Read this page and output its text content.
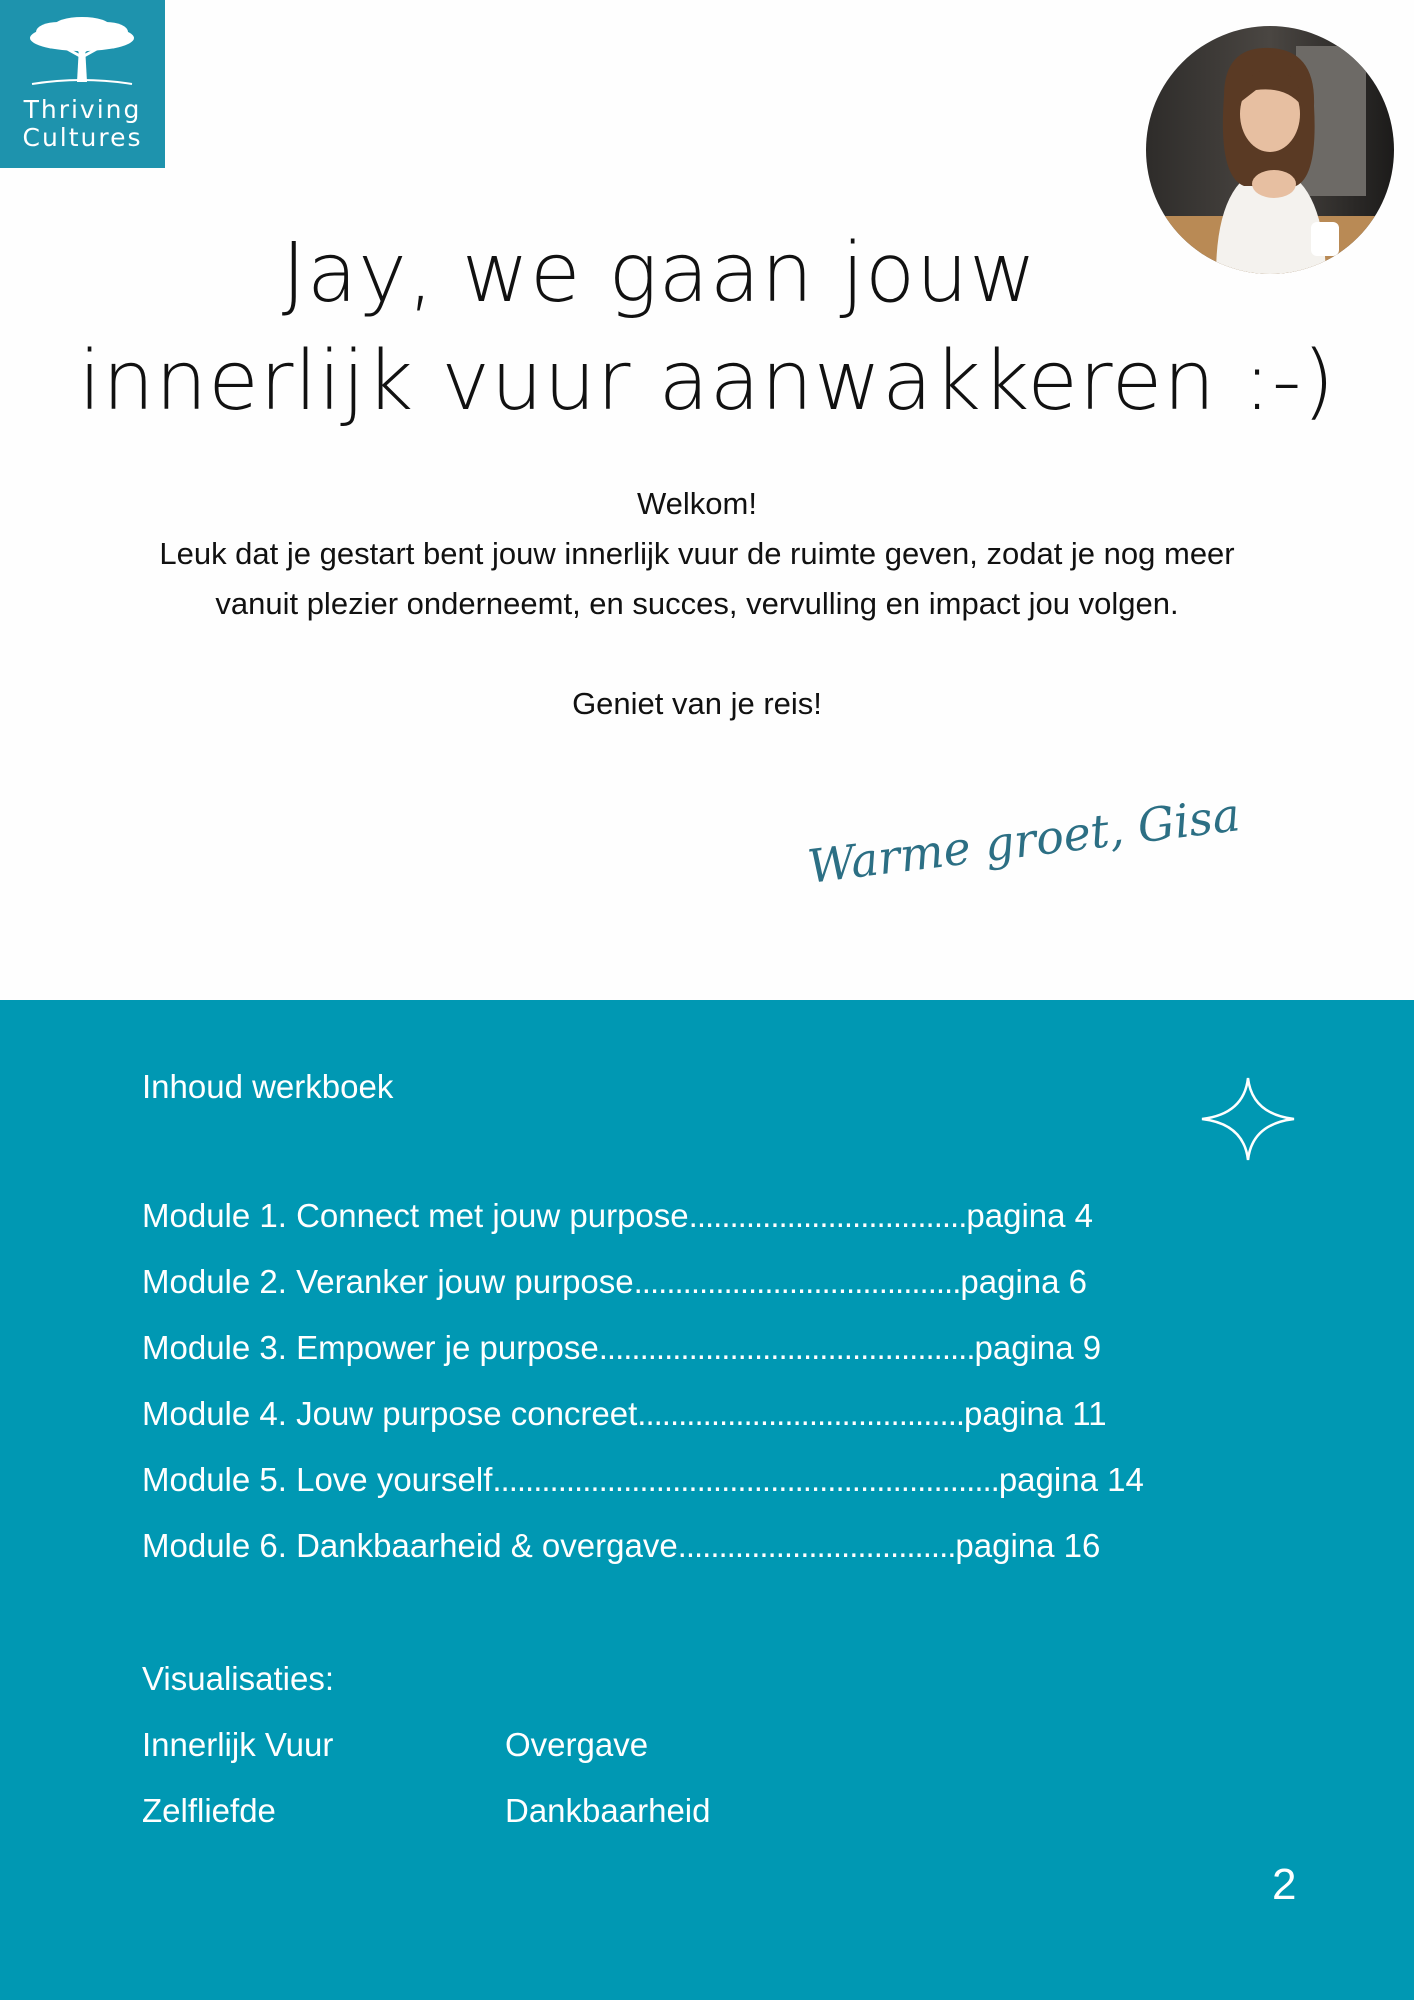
Thriving
Cultures
Jay, we gaan jouw
innerlijk vuur aanwakkeren :-)

Welkom!

Leuk dat je gestart bent jouw innerlijk vuur de ruimte geven, zodat je nog meer vanuit plezier onderneemt, en succes, vervulling en impact jou volgen.

Geniet van je reis!

Warme groet, Gisa
Inhoud werkboek
Module 1. Connect met jouw purpose..................................pagina 4
Module 2. Veranker jouw purpose........................................pagina 6
Module 3. Empower je purpose..............................................pagina 9
Module 4. Jouw purpose concreet........................................pagina 11
Module 5. Love yourself..............................................................pagina 14
Module 6. Dankbaarheid & overgave..................................pagina 16
Visualisaties:
Innerlijk Vuur	Overgave
Zelfliefde	Dankbaarheid
2
